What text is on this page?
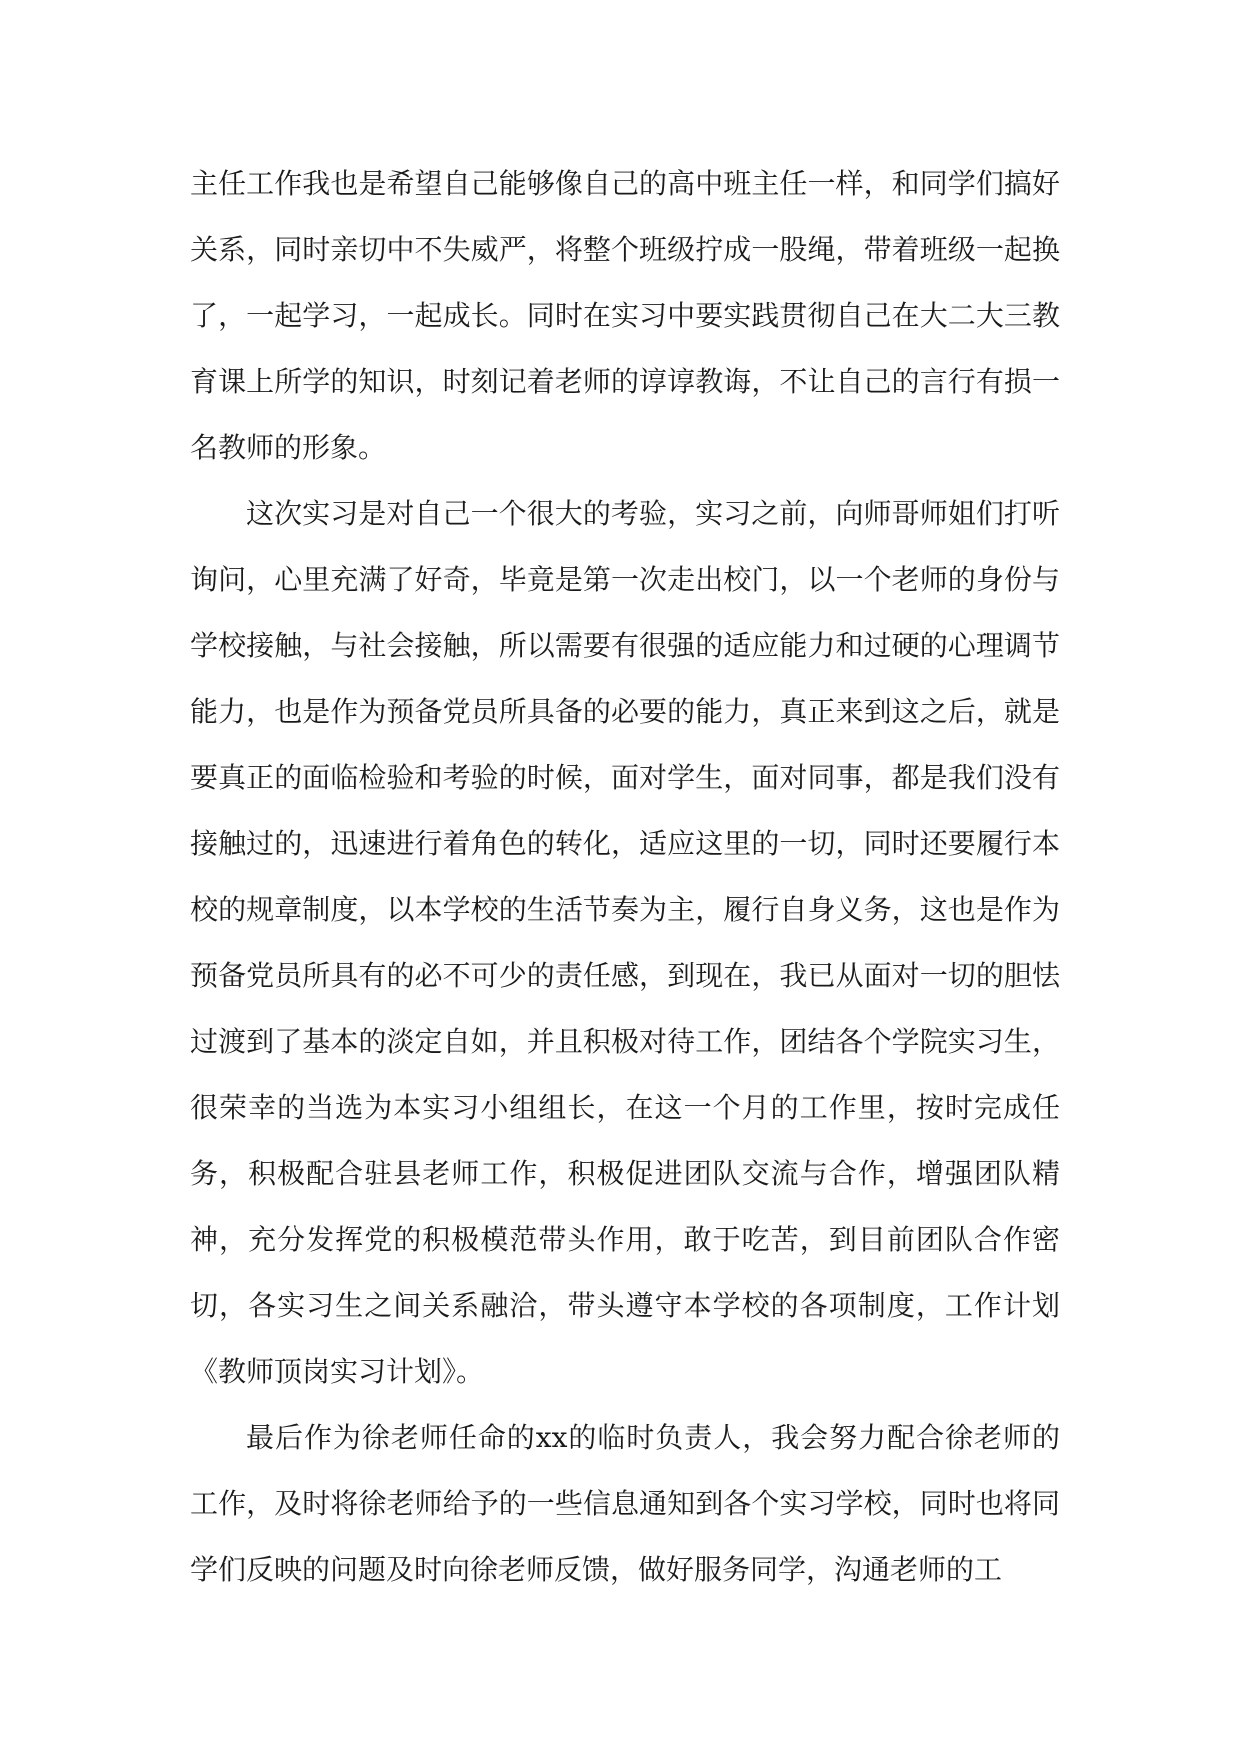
主任工作我也是希望自己能够像自己的高中班主任一样，和同学们搞好关系，同时亲切中不失威严，将整个班级拧成一股绳，带着班级一起换了，一起学习，一起成长。同时在实习中要实践贯彻自己在大二大三教育课上所学的知识，时刻记着老师的谆谆教诲，不让自己的言行有损一名教师的形象。

这次实习是对自己一个很大的考验，实习之前，向师哥师姐们打听询问，心里充满了好奇，毕竟是第一次走出校门，以一个老师的身份与学校接触，与社会接触，所以需要有很强的适应能力和过硬的心理调节能力，也是作为预备党员所具备的必要的能力，真正来到这之后，就是要真正的面临检验和考验的时候，面对学生，面对同事，都是我们没有接触过的，迅速进行着角色的转化，适应这里的一切，同时还要履行本校的规章制度，以本学校的生活节奏为主，履行自身义务，这也是作为预备党员所具有的必不可少的责任感，到现在，我已从面对一切的胆怯过渡到了基本的淡定自如，并且积极对待工作，团结各个学院实习生，很荣幸的当选为本实习小组组长，在这一个月的工作里，按时完成任务，积极配合驻县老师工作，积极促进团队交流与合作，增强团队精神，充分发挥党的积极模范带头作用，敢于吃苦，到目前团队合作密切，各实习生之间关系融洽，带头遵守本学校的各项制度，工作计划《教师顶岗实习计划》。

最后作为徐老师任命的xx的临时负责人，我会努力配合徐老师的工作，及时将徐老师给予的一些信息通知到各个实习学校，同时也将同学们反映的问题及时向徐老师反馈，做好服务同学，沟通老师的工
